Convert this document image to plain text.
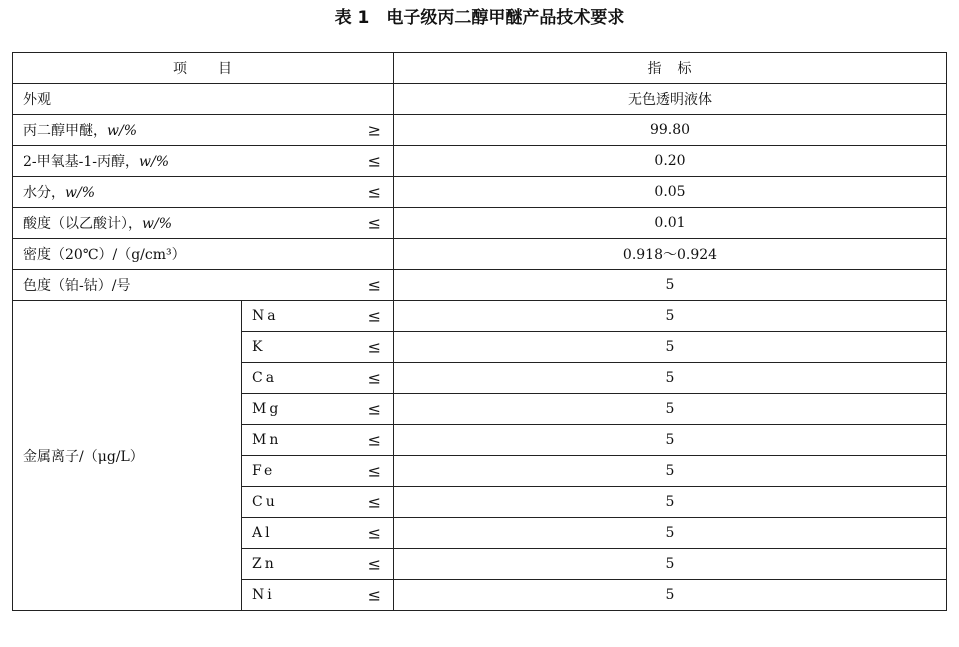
表 1　电子级丙二醇甲醚产品技术要求
项　　目		指　标
外观		无色透明液体
丙二醇甲醚，w/% ≥		99.80
2-甲氧基-1-丙醇，w/% ≤		0.20
水分，w/% ≤		0.05
酸度（以乙酸计），w/% ≤		0.01
密度（20℃）/（g/cm³）		0.918～0.924
色度（铂-钴）/号 ≤		5
金属离子/（μg/L）	Na ≤	5
	K ≤	5
	Ca ≤	5
	Mg ≤	5
	Mn ≤	5
	Fe ≤	5
	Cu ≤	5
	Al ≤	5
	Zn ≤	5
	Ni ≤	5
